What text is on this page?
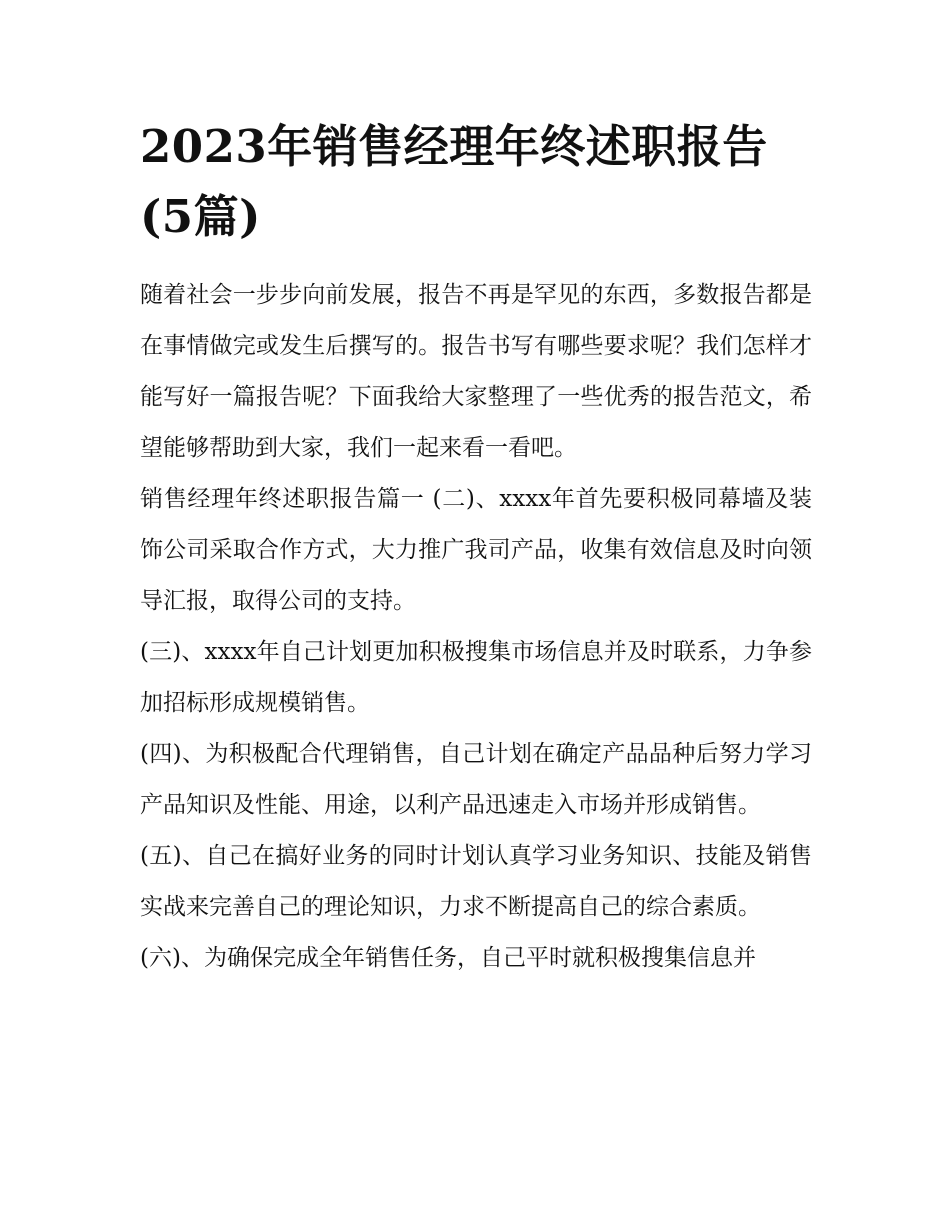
2023年销售经理年终述职报告(5篇)

随着社会一步步向前发展，报告不再是罕见的东西，多数报告都是在事情做完或发生后撰写的。报告书写有哪些要求呢？我们怎样才能写好一篇报告呢？下面我给大家整理了一些优秀的报告范文，希望能够帮助到大家，我们一起来看一看吧。

销售经理年终述职报告篇一 (二)、xxxx年首先要积极同幕墙及装饰公司采取合作方式，大力推广我司产品，收集有效信息及时向领导汇报，取得公司的支持。

(三)、xxxx年自己计划更加积极搜集市场信息并及时联系，力争参加招标形成规模销售。

(四)、为积极配合代理销售，自己计划在确定产品品种后努力学习产品知识及性能、用途，以利产品迅速走入市场并形成销售。

(五)、自己在搞好业务的同时计划认真学习业务知识、技能及销售实战来完善自己的理论知识，力求不断提高自己的综合素质。

(六)、为确保完成全年销售任务，自己平时就积极搜集信息并
